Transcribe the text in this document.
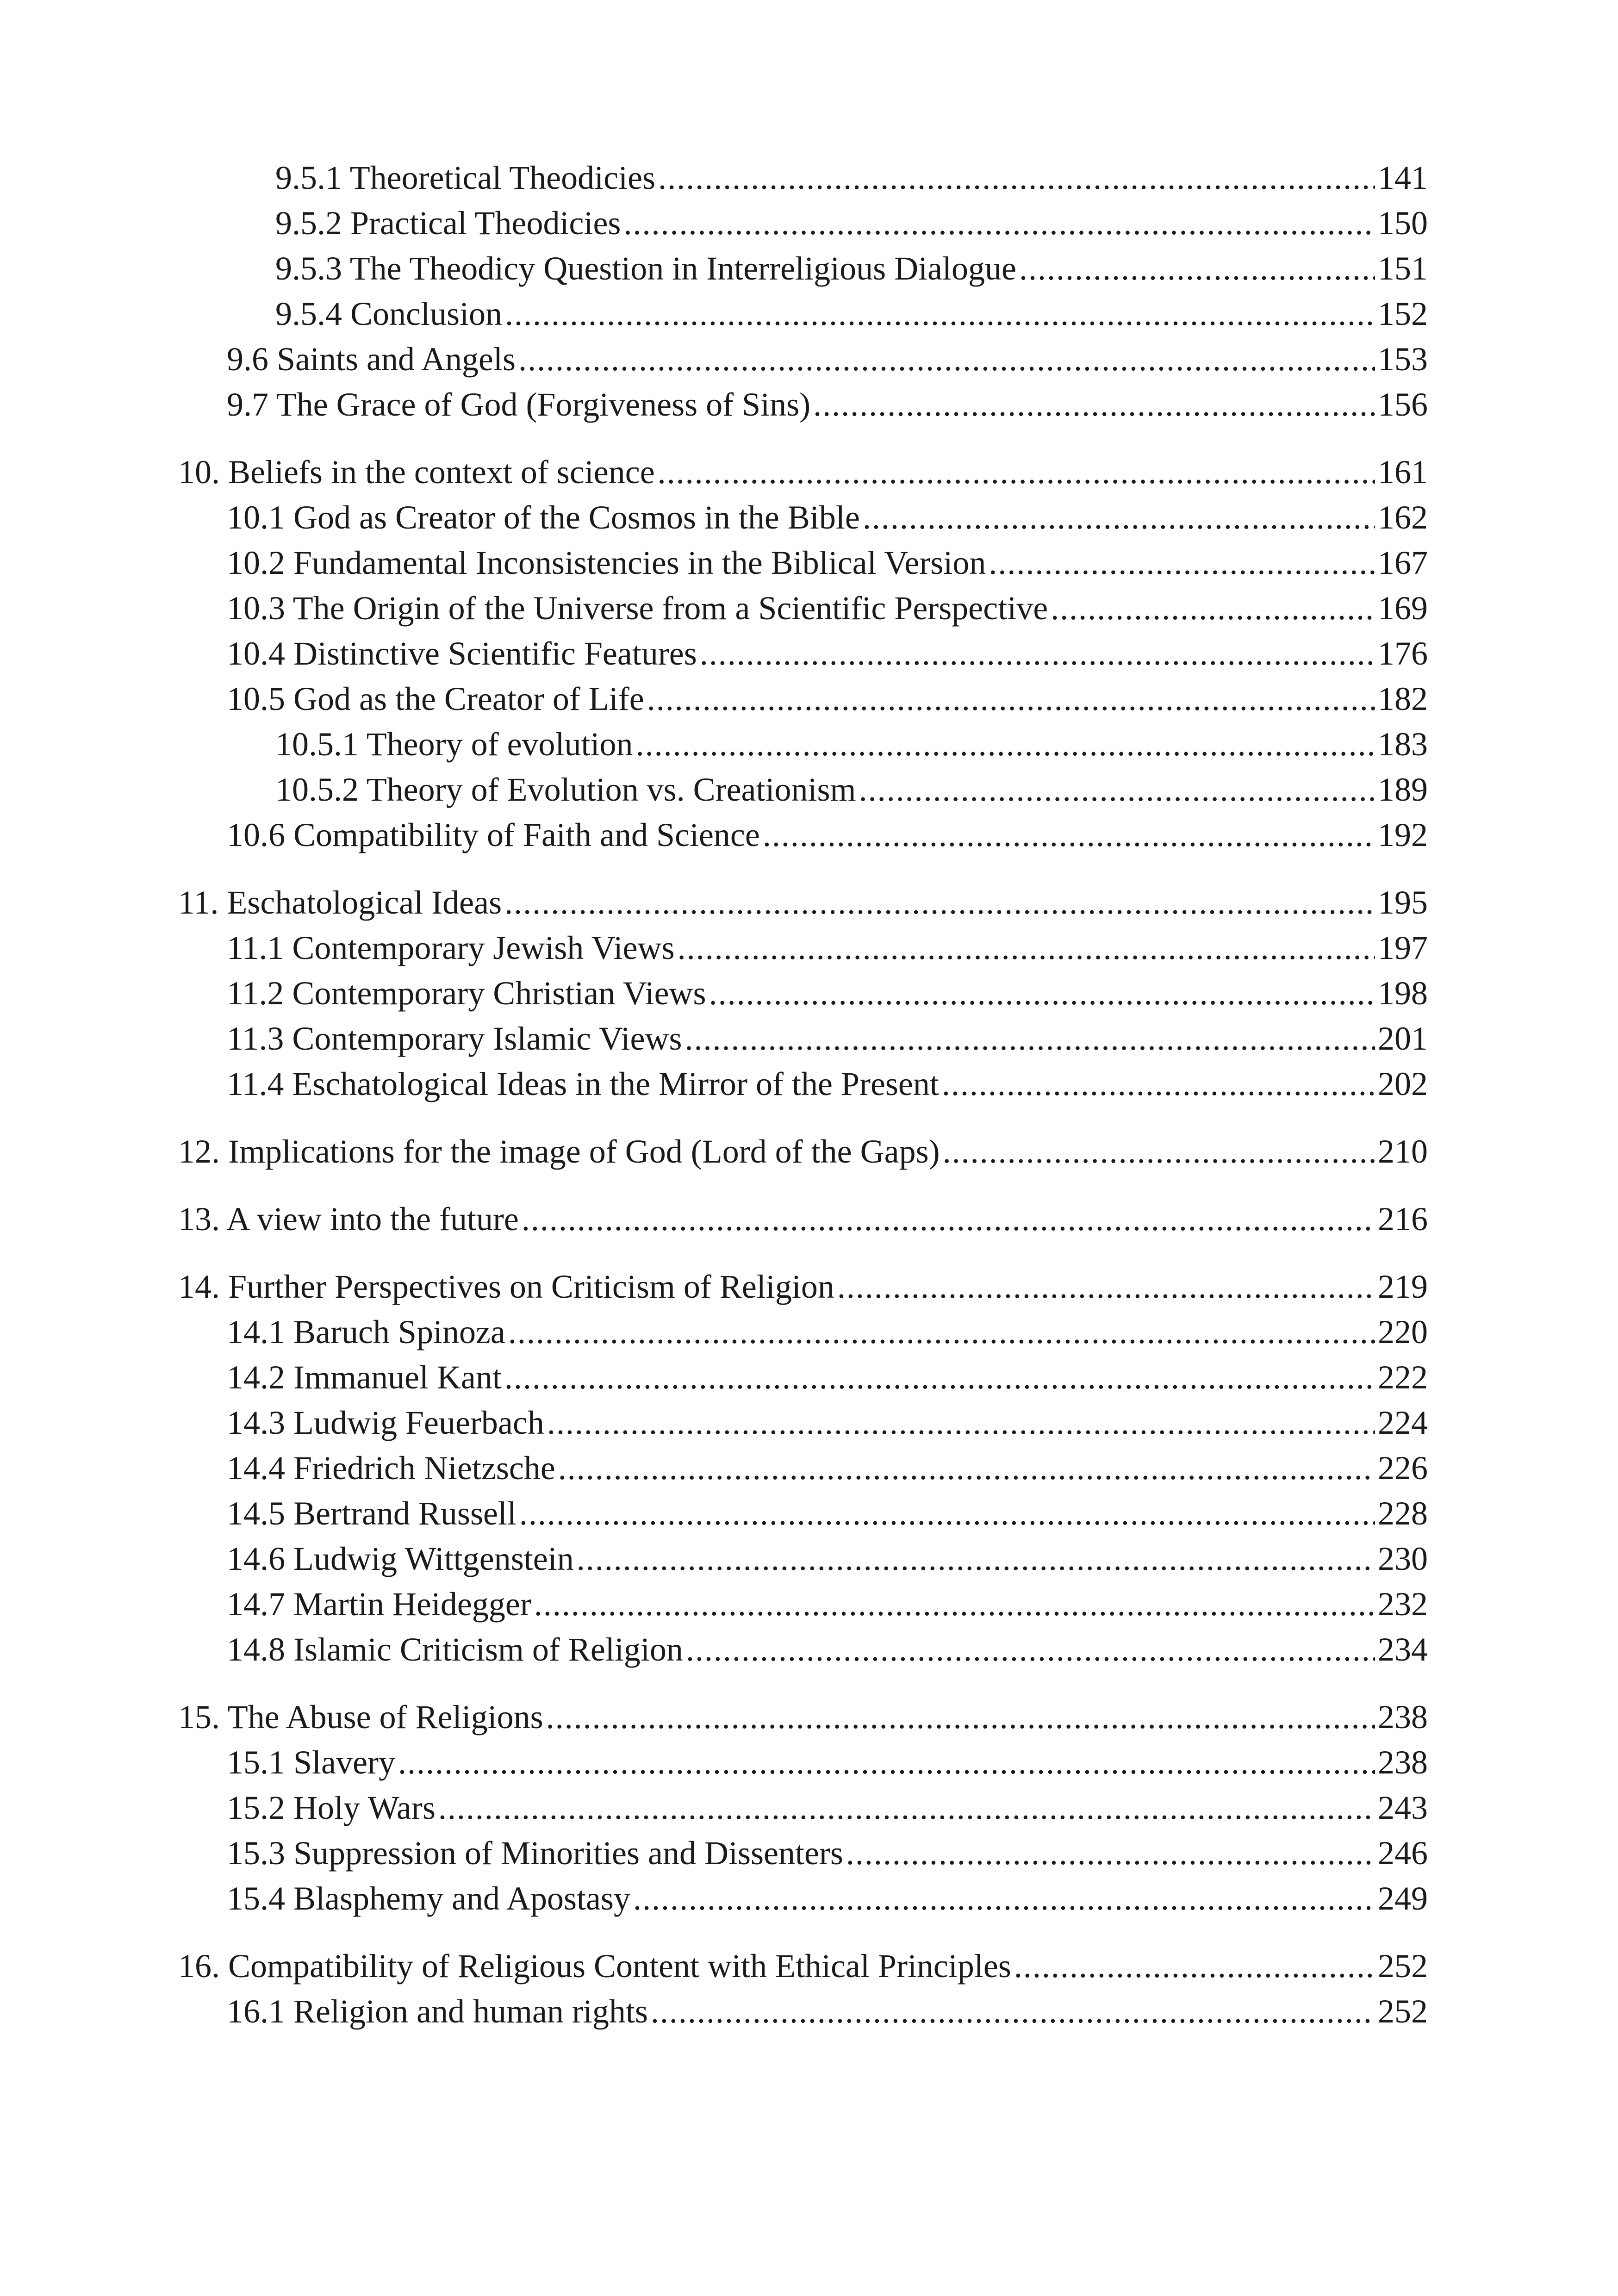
9.5.1 Theoretical Theodicies .....	141
9.5.2 Practical Theodicies .....	150
9.5.3 The Theodicy Question in Interreligious Dialogue .....	151
9.5.4 Conclusion .....	152
9.6 Saints and Angels .....	153
9.7 The Grace of God (Forgiveness of Sins) .....	156
10. Beliefs in the context of science .....	161
10.1 God as Creator of the Cosmos in the Bible .....	162
10.2 Fundamental Inconsistencies in the Biblical Version .....	167
10.3 The Origin of the Universe from a Scientific Perspective .....	169
10.4 Distinctive Scientific Features .....	176
10.5 God as the Creator of Life .....	182
10.5.1 Theory of evolution .....	183
10.5.2 Theory of Evolution vs. Creationism .....	189
10.6 Compatibility of Faith and Science .....	192
11. Eschatological Ideas .....	195
11.1 Contemporary Jewish Views .....	197
11.2 Contemporary Christian Views .....	198
11.3 Contemporary Islamic Views .....	201
11.4 Eschatological Ideas in the Mirror of the Present .....	202
12. Implications for the image of God (Lord of the Gaps) .....	210
13. A view into the future .....	216
14. Further Perspectives on Criticism of Religion .....	219
14.1 Baruch Spinoza .....	220
14.2 Immanuel Kant .....	222
14.3 Ludwig Feuerbach .....	224
14.4 Friedrich Nietzsche .....	226
14.5 Bertrand Russell .....	228
14.6 Ludwig Wittgenstein .....	230
14.7 Martin Heidegger .....	232
14.8 Islamic Criticism of Religion .....	234
15. The Abuse of Religions .....	238
15.1 Slavery .....	238
15.2 Holy Wars .....	243
15.3 Suppression of Minorities and Dissenters .....	246
15.4 Blasphemy and Apostasy .....	249
16. Compatibility of Religious Content with Ethical Principles .....	252
16.1 Religion and human rights .....	252
